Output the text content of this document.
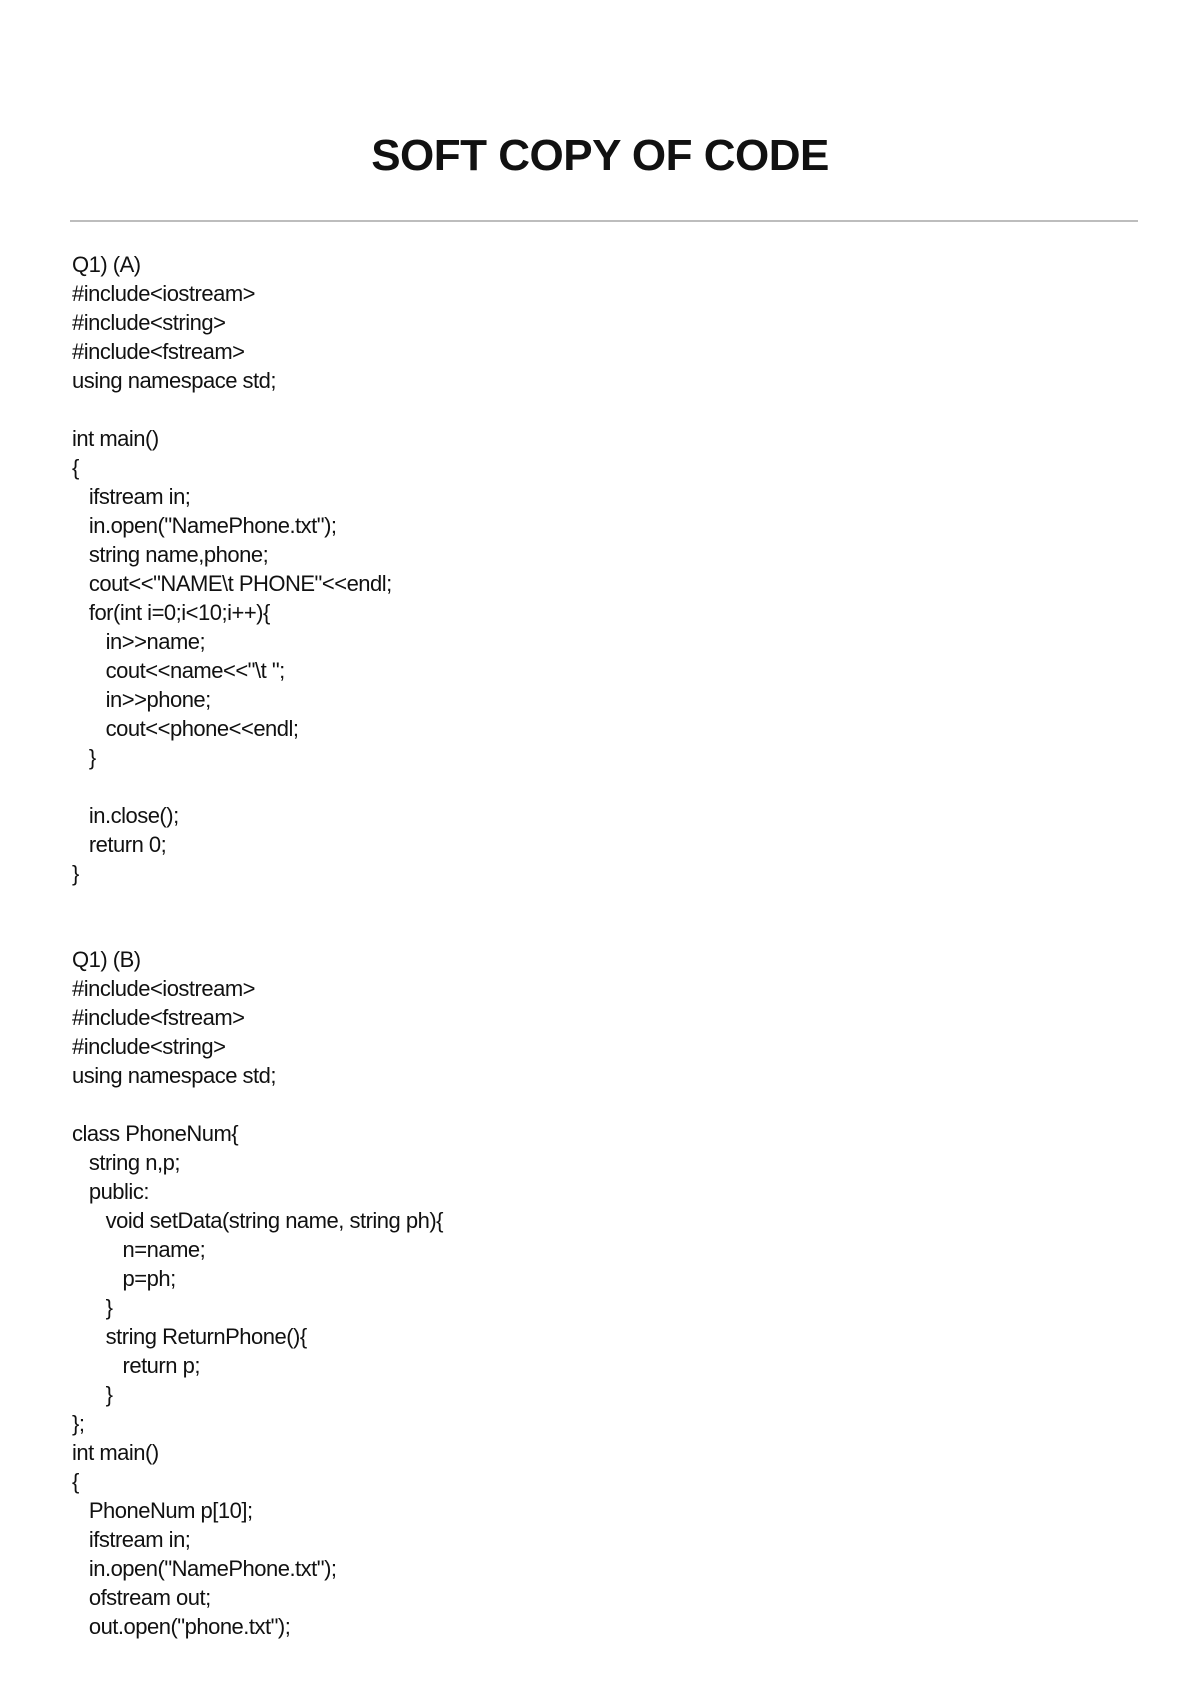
SOFT COPY OF CODE
Q1) (A)
#include<iostream>
#include<string>
#include<fstream>
using namespace std;
int main()
{
ifstream in;
in.open("NamePhone.txt");
string name,phone;
cout<<"NAME\t PHONE"<<endl;
for(int i=0;i<10;i++){
in>>name;
cout<<name<<"\t ";
in>>phone;
cout<<phone<<endl;
}
in.close();
return 0;
}
Q1) (B)
#include<iostream>
#include<fstream>
#include<string>
using namespace std;
class PhoneNum{
string n,p;
public:
void setData(string name, string ph){
n=name;
p=ph;
}
string ReturnPhone(){
return p;
}
};
int main()
{
PhoneNum p[10];
ifstream in;
in.open("NamePhone.txt");
ofstream out;
out.open("phone.txt");
